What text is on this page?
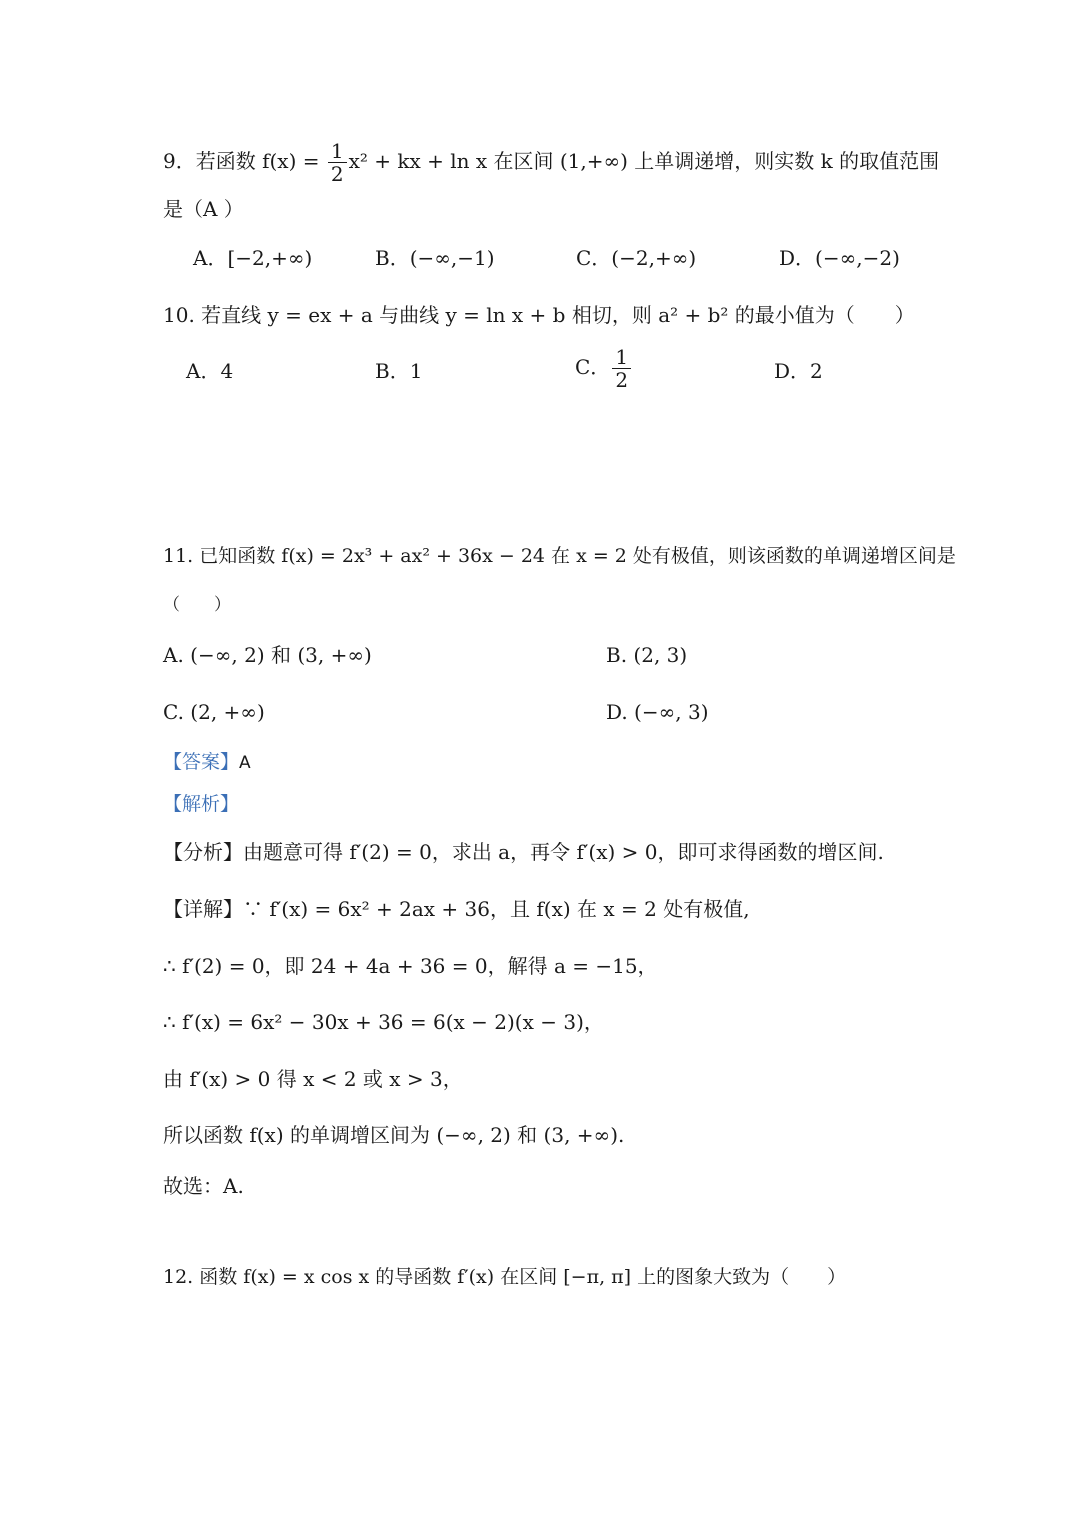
9．若函数 $f(x) = \frac{1}{2} x^2$ + kx + ln x 在区间 (1,+∞) 上单调递增，则实数 k 的取值范围
是（A ）
A．[−2,+∞)	B．(−∞,−1)	C．(−2,+∞)	D．(−∞,−2)
10. 若直线 y = ex + a 与曲线 y = ln x + b 相切，则 a² + b² 的最小值为（　　）
A．4	B．1	C． $\frac{1}{2}$	D．2
11. 已知函数 f(x) = 2x³ + ax² + 36x − 24 在 x = 2 处有极值，则该函数的单调递增区间是
（　　）
A. (−∞, 2) 和 (3, +∞)	B. (2, 3)
C. (2, +∞)	D. (−∞, 3)
【答案】A
【解析】
【分析】由题意可得 f′(2) = 0，求出 a，再令 f′(x) > 0，即可求得函数的增区间.
【详解】∵ f′(x) = 6x² + 2ax + 36，且 f(x) 在 x = 2 处有极值,
∴ f′(2) = 0，即 24 + 4a + 36 = 0，解得 a = −15，
∴ f′(x) = 6x² − 30x + 36 = 6(x − 2)(x − 3)，
由 f′(x) > 0 得 x < 2 或 x > 3，
所以函数 f(x) 的单调增区间为 (−∞, 2) 和 (3, +∞).
故选：A.
12. 函数 f(x) = x cos x 的导函数 f′(x) 在区间 [−π, π] 上的图象大致为（　　）
